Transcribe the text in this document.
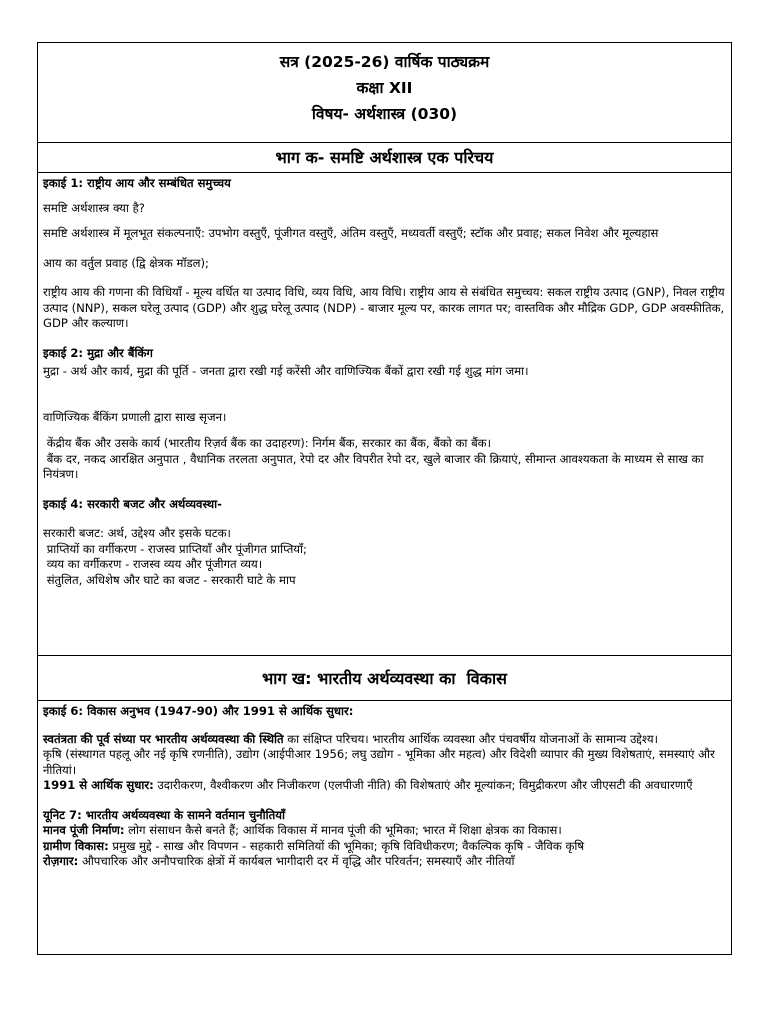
सत्र (2025-26) वार्षिक पाठ्यक्रम
कक्षा XII
विषय- अर्थशास्त्र (030)
भाग क- समष्टि अर्थशास्त्र एक परिचय

इकाई 1: राष्ट्रीय आय और सम्बंधित समुच्चय

समष्टि अर्थशास्त्र क्या है?

समष्टि अर्थशास्त्र में मूलभूत संकल्पनाएँ: उपभोग वस्तुएँ, पूंजीगत वस्तुएँ, अंतिम वस्तुएँ, मध्यवर्ती वस्तुएँ; स्टॉक और प्रवाह; सकल निवेश और मूल्यहास

आय का वर्तुल प्रवाह (द्वि क्षेत्रक मॉडल);

राष्ट्रीय आय की गणना की विधियाँ - मूल्य वर्धित या उत्पाद विधि, व्यय विधि, आय विधि। राष्ट्रीय आय से संबंधित समुच्चय: सकल राष्ट्रीय उत्पाद (GNP), निवल राष्ट्रीय उत्पाद (NNP), सकल घरेलू उत्पाद (GDP) और शुद्ध घरेलू उत्पाद (NDP) - बाजार मूल्य पर, कारक लागत पर; वास्तविक और मौद्रिक GDP, GDP अवस्फीतिक, GDP और कल्याण।

इकाई 2: मुद्रा और बैंकिंग

मुद्रा - अर्थ और कार्य, मुद्रा की पूर्ति - जनता द्वारा रखी गई करेंसी और वाणिज्यिक बैंकों द्वारा रखी गई शुद्ध मांग जमा।

वाणिज्यिक बैंकिंग प्रणाली द्वारा साख सृजन।

केंद्रीय बैंक और उसके कार्य (भारतीय रिज़र्व बैंक का उदाहरण): निर्गम बैंक, सरकार का बैंक, बैंको का बैंक।

बैंक दर, नकद आरक्षित अनुपात , वैधानिक तरलता अनुपात, रेपो दर और विपरीत रेपो दर, खुले बाजार की क्रियाएं, सीमान्त आवश्यकता के माध्यम से साख का नियंत्रण।

इकाई 4: सरकारी बजट और अर्थव्यवस्था-

सरकारी बजट: अर्थ, उद्देश्य और इसके घटक।

प्राप्तियों का वर्गीकरण - राजस्व प्राप्तियाँ और पूंजीगत प्राप्तियाँ;

व्यय का वर्गीकरण - राजस्व व्यय और पूंजीगत व्यय।

संतुलित, अधिशेष और घाटे का बजट - सरकारी घाटे के माप

भाग ख: भारतीय अर्थव्यवस्था का  विकास

इकाई 6: विकास अनुभव (1947-90) और 1991 से आर्थिक सुधार:

स्वतंत्रता की पूर्व संध्या पर भारतीय अर्थव्यवस्था की स्थिति का संक्षिप्त परिचय। भारतीय आर्थिक व्यवस्था और पंचवर्षीय योजनाओं के सामान्य उद्देश्य।

कृषि (संस्थागत पहलू और नई कृषि रणनीति), उद्योग (आईपीआर 1956; लघु उद्योग - भूमिका और महत्व) और विदेशी व्यापार की मुख्य विशेषताएं, समस्याएं और नीतियां।

1991 से आर्थिक सुधार: उदारीकरण, वैश्वीकरण और निजीकरण (एलपीजी नीति) की विशेषताएं और मूल्यांकन; विमुद्रीकरण और जीएसटी की अवधारणाएँ

यूनिट 7: भारतीय अर्थव्यवस्था के सामने वर्तमान चुनौतियाँ

मानव पूंजी निर्माण: लोग संसाधन कैसे बनते हैं; आर्थिक विकास में मानव पूंजी की भूमिका; भारत में शिक्षा क्षेत्रक का विकास।

ग्रामीण विकास: प्रमुख मुद्दे - साख और विपणन - सहकारी समितियों की भूमिका; कृषि विविधीकरण; वैकल्पिक कृषि - जैविक कृषि

रोज़गार: औपचारिक और अनौपचारिक क्षेत्रों में कार्यबल भागीदारी दर में वृद्धि और परिवर्तन; समस्याएँ और नीतियाँ
